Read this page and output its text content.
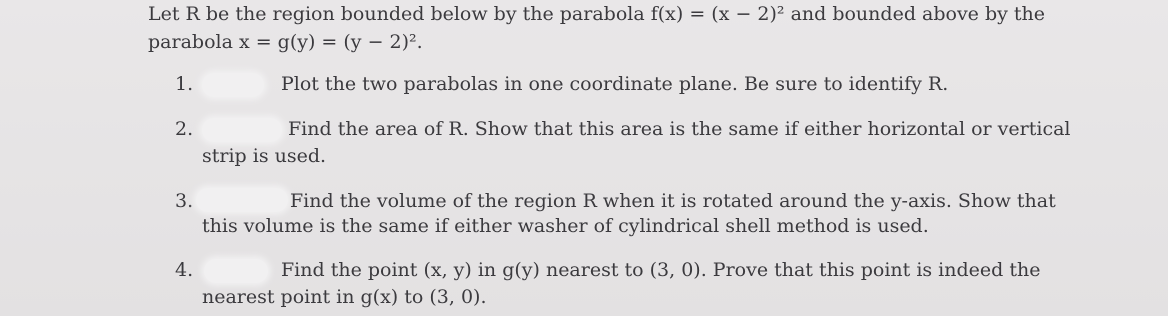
Let R be the region bounded below by the parabola f(x) = (x − 2)² and bounded above by the
parabola x = g(y) = (y − 2)².
1.	Plot the two parabolas in one coordinate plane. Be sure to identify R.
2.	Find the area of R. Show that this area is the same if either horizontal or vertical
strip is used.
3.	Find the volume of the region R when it is rotated around the y-axis. Show that
this volume is the same if either washer of cylindrical shell method is used.
4.	Find the point (x, y) in g(y) nearest to (3, 0). Prove that this point is indeed the
nearest point in g(x) to (3, 0).
